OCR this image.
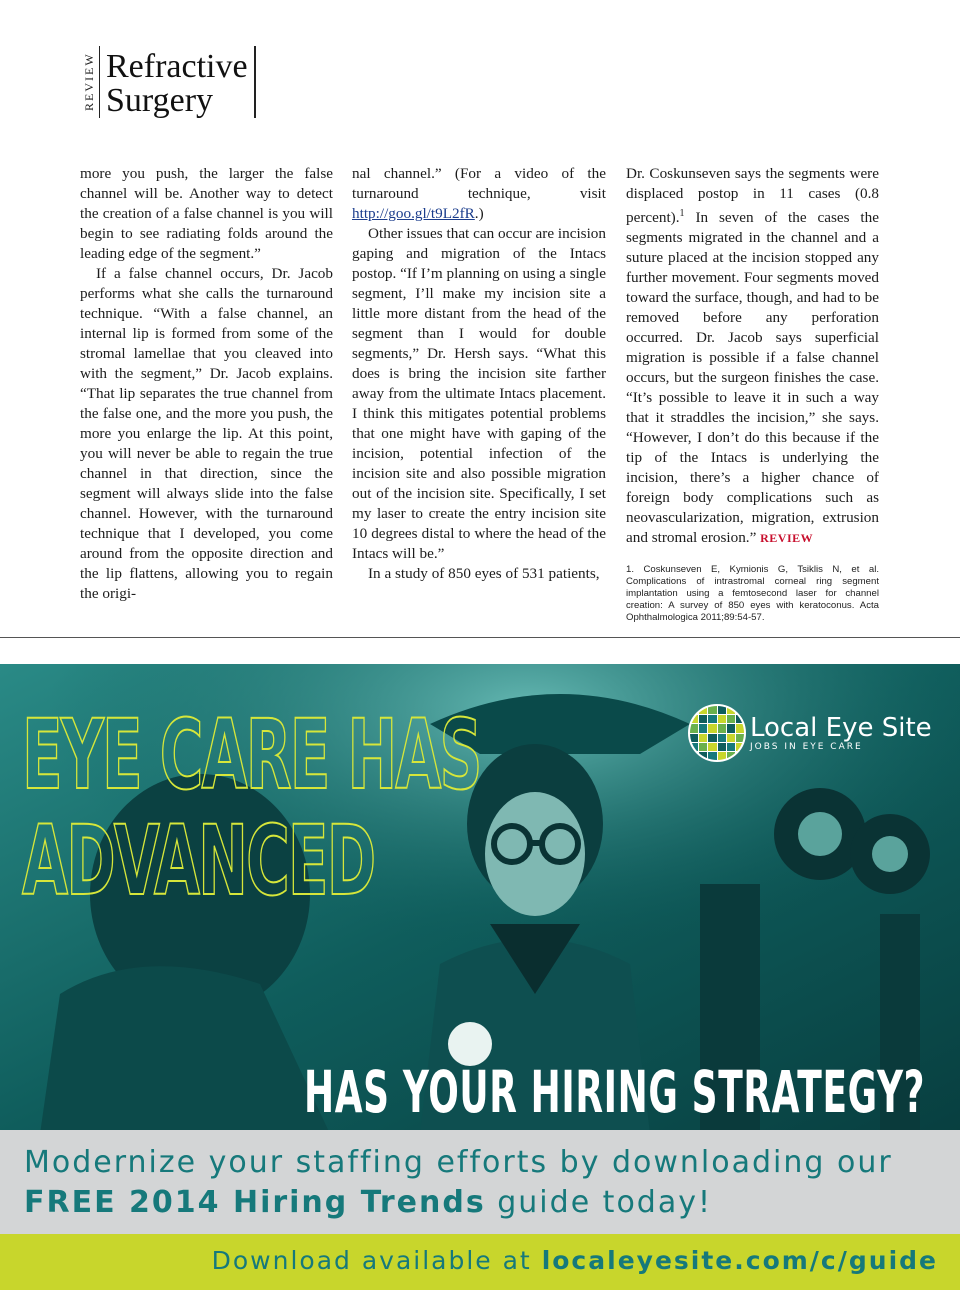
REVIEW Refractive
Surgery

more you push, the larger the false channel will be. Another way to detect the creation of a false channel is you will begin to see radiating folds around the leading edge of the segment.”

If a false channel occurs, Dr. Jacob performs what she calls the turnaround technique. “With a false channel, an internal lip is formed from some of the stromal lamellae that you cleaved into with the segment,” Dr. Jacob explains. “That lip separates the true channel from the false one, and the more you push, the more you enlarge the lip. At this point, you will never be able to regain the true channel in that direction, since the segment will always slide into the false channel. However, with the turnaround technique that I developed, you come around from the opposite direction and the lip flattens, allowing you to regain the origi-

nal channel.” (For a video of the turnaround technique, visit http://goo.gl/t9L2fR.)

Other issues that can occur are incision gaping and migration of the Intacs postop. “If I’m planning on using a single segment, I’ll make my incision site a little more distant from the head of the segment than I would for double segments,” Dr. Hersh says. “What this does is bring the incision site farther away from the ultimate Intacs placement. I think this mitigates potential problems that one might have with gaping of the incision, potential infection of the incision site and also possible migration out of the incision site. Specifically, I set my laser to create the entry incision site 10 degrees distal to where the head of the Intacs will be.”

In a study of 850 eyes of 531 patients,

Dr. Coskunseven says the segments were displaced postop in 11 cases (0.8 percent).$^1$ In seven of the cases the segments migrated in the channel and a suture placed at the incision stopped any further movement. Four segments moved toward the surface, though, and had to be removed before any perforation occurred. Dr. Jacob says superficial migration is possible if a false channel occurs, but the surgeon finishes the case. “It’s possible to leave it in such a way that it straddles the incision,” she says. “However, I don’t do this because if the tip of the Intacs is underlying the incision, there’s a higher chance of foreign body complications such as neovascularization, migration, extrusion and stromal erosion.” REVIEW

1. Coskunseven E, Kymionis G, Tsiklis N, et al. Complications of intrastromal corneal ring segment implantation using a femtosecond laser for channel creation: A survey of 850 eyes with keratoconus. Acta Ophthalmologica 2011;89:54-57.
EYE CARE HAS
ADVANCED
Local Eye Site
JOBS IN EYE CARE
HAS YOUR HIRING STRATEGY?
Modernize your staffing efforts by downloading our
FREE 2014 Hiring Trends guide today!
Download available at localeyesite.com/c/guide
